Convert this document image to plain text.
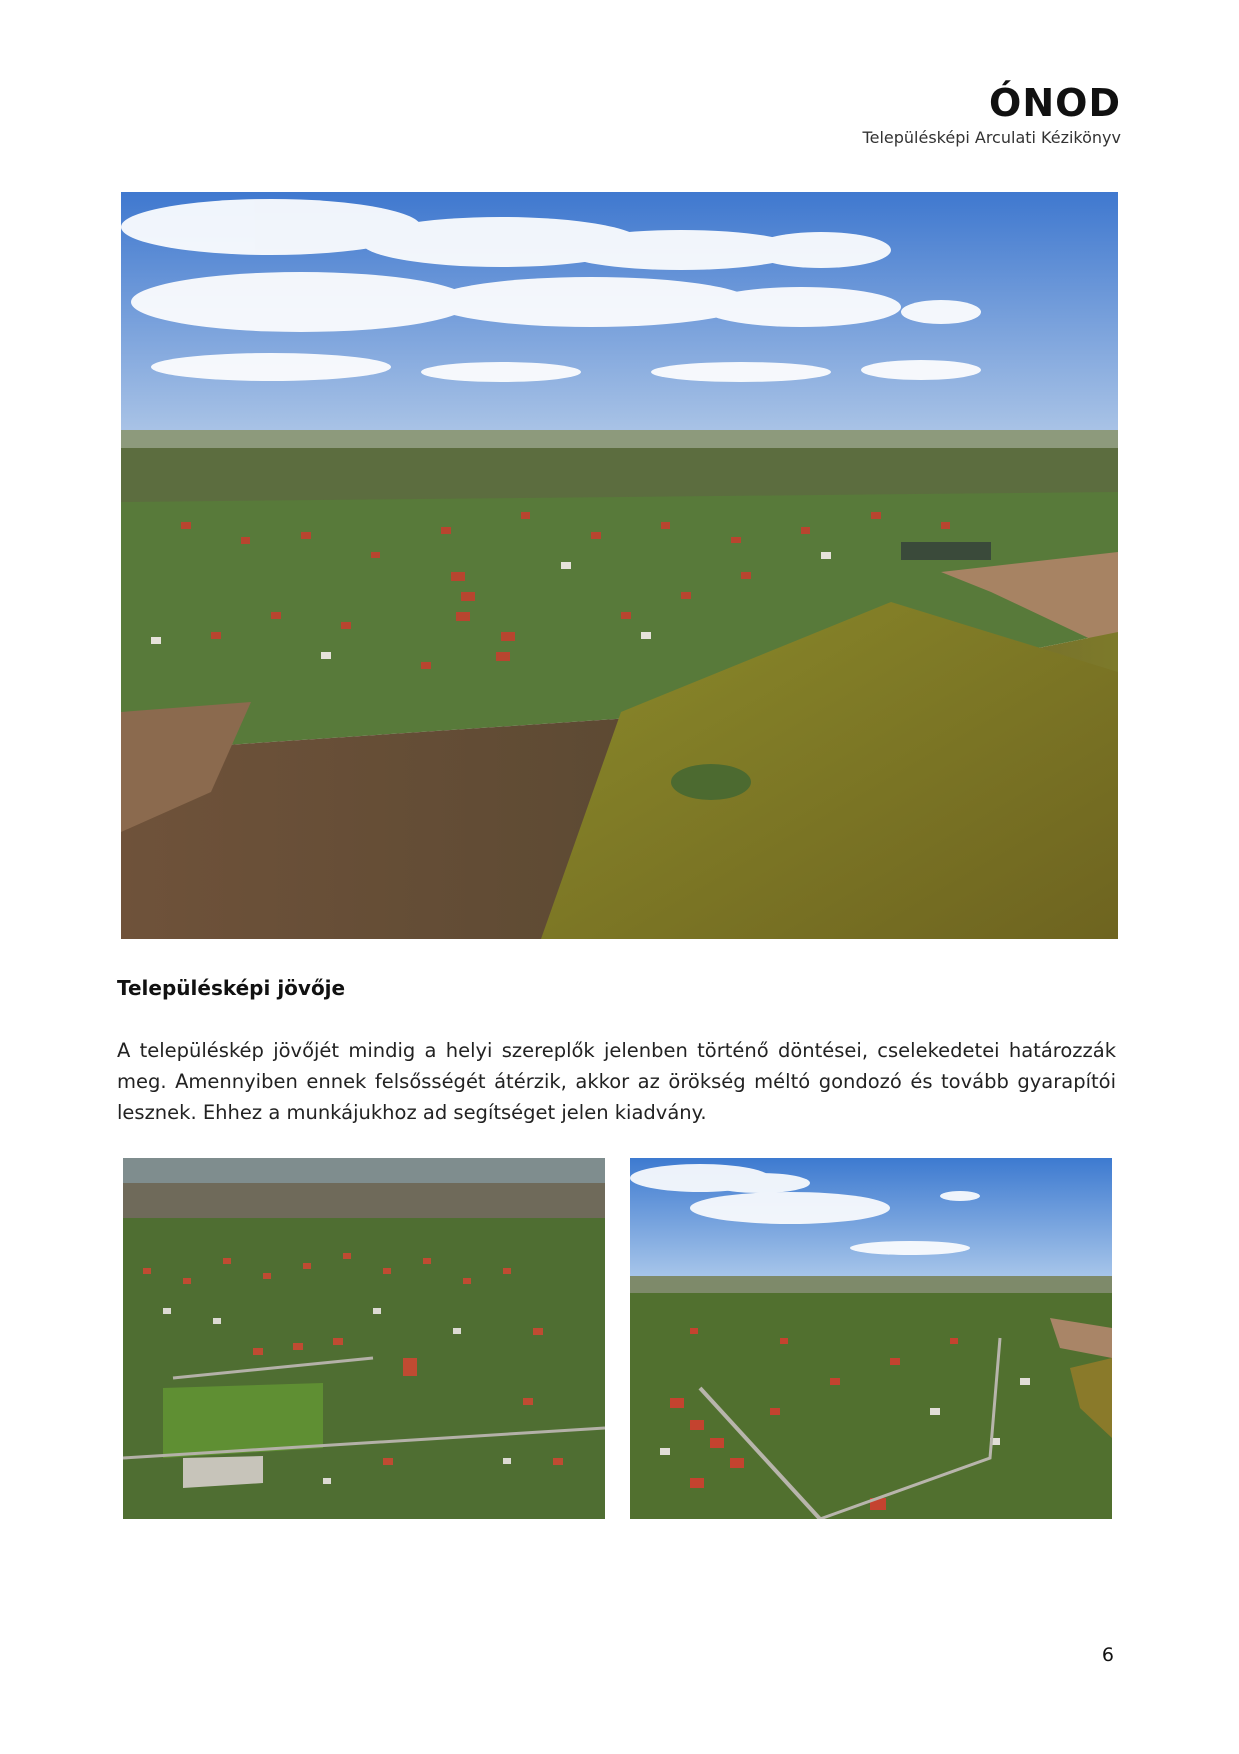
ÓNOD
Településképi Arculati Kézikönyv
Településképi jövője

A településkép jövőjét mindig a helyi szereplők jelenben történő döntései, cselekedetei határozzák meg. Amennyiben ennek felsősségét átérzik, akkor az örökség méltó gondozó és tovább gyarapítói lesznek. Ehhez a munkájukhoz ad segítséget jelen kiadvány.

6
